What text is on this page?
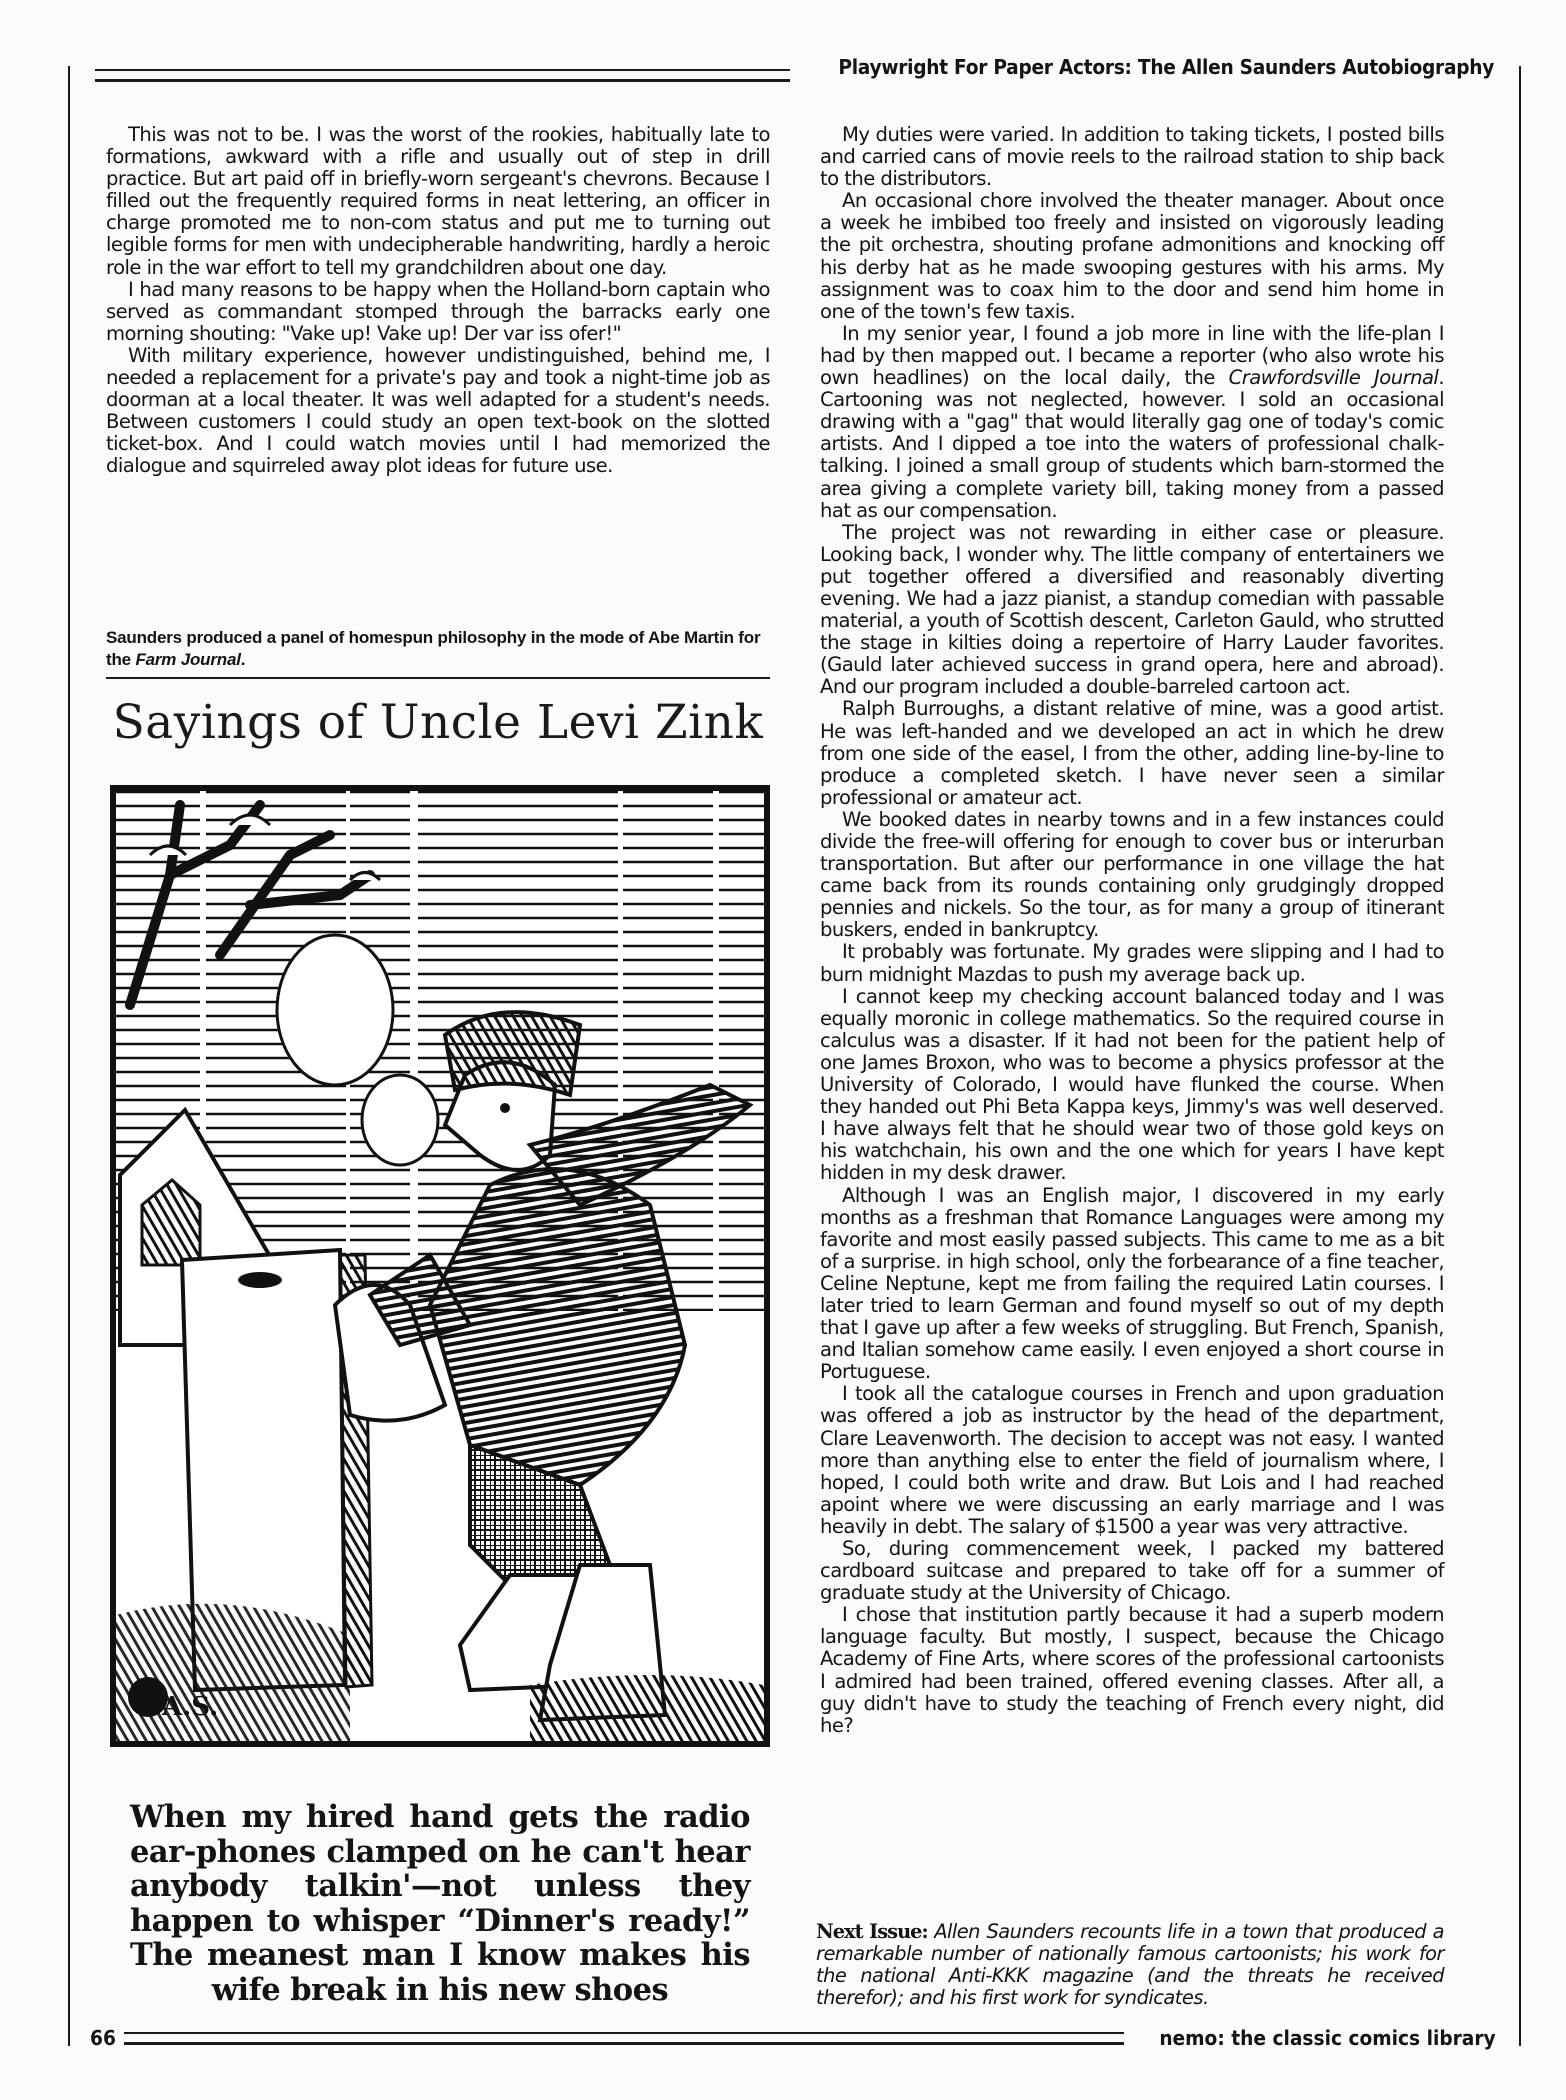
Playwright For Paper Actors: The Allen Saunders Autobiography

This was not to be. I was the worst of the rookies, habitually late to formations, awkward with a rifle and usually out of step in drill practice. But art paid off in briefly-worn sergeant's chevrons. Because I filled out the frequently required forms in neat lettering, an officer in charge promoted me to non-com status and put me to turning out legible forms for men with undecipherable handwriting, hardly a heroic role in the war effort to tell my grandchildren about one day.

I had many reasons to be happy when the Holland-born captain who served as commandant stomped through the barracks early one morning shouting: "Vake up! Vake up! Der var iss ofer!"

With military experience, however undistinguished, behind me, I needed a replacement for a private's pay and took a night-time job as doorman at a local theater. It was well adapted for a student's needs. Between customers I could study an open text-book on the slotted ticket-box. And I could watch movies until I had memorized the dialogue and squirreled away plot ideas for future use.

Saunders produced a panel of homespun philosophy in the mode of Abe Martin for the Farm Journal.
Sayings of Uncle Levi Zink
A.S.
When my hired hand gets the radio ear-phones clamped on he can't hear anybody talkin'—not unless they happen to whisper “Dinner's ready!” The meanest man I know makes his wife break in his new shoes

My duties were varied. In addition to taking tickets, I posted bills and carried cans of movie reels to the railroad station to ship back to the distributors.

An occasional chore involved the theater manager. About once a week he imbibed too freely and insisted on vigorously leading the pit orchestra, shouting profane admonitions and knocking off his derby hat as he made swooping gestures with his arms. My assignment was to coax him to the door and send him home in one of the town's few taxis.

In my senior year, I found a job more in line with the life-plan I had by then mapped out. I became a reporter (who also wrote his own headlines) on the local daily, the Crawfordsville Journal. Cartooning was not neglected, however. I sold an occasional drawing with a "gag" that would literally gag one of today's comic artists. And I dipped a toe into the waters of professional chalk-talking. I joined a small group of students which barn-stormed the area giving a complete variety bill, taking money from a passed hat as our compensation.

The project was not rewarding in either case or pleasure. Looking back, I wonder why. The little company of entertainers we put together offered a diversified and reasonably diverting evening. We had a jazz pianist, a standup comedian with passable material, a youth of Scottish descent, Carleton Gauld, who strutted the stage in kilties doing a repertoire of Harry Lauder favorites. (Gauld later achieved success in grand opera, here and abroad). And our program included a double-barreled cartoon act.

Ralph Burroughs, a distant relative of mine, was a good artist. He was left-handed and we developed an act in which he drew from one side of the easel, I from the other, adding line-by-line to produce a completed sketch. I have never seen a similar professional or amateur act.

We booked dates in nearby towns and in a few instances could divide the free-will offering for enough to cover bus or interurban transportation. But after our performance in one village the hat came back from its rounds containing only grudgingly dropped pennies and nickels. So the tour, as for many a group of itinerant buskers, ended in bankruptcy.

It probably was fortunate. My grades were slipping and I had to burn midnight Mazdas to push my average back up.

I cannot keep my checking account balanced today and I was equally moronic in college mathematics. So the required course in calculus was a disaster. If it had not been for the patient help of one James Broxon, who was to become a physics professor at the University of Colorado, I would have flunked the course. When they handed out Phi Beta Kappa keys, Jimmy's was well deserved. I have always felt that he should wear two of those gold keys on his watchchain, his own and the one which for years I have kept hidden in my desk drawer.

Although I was an English major, I discovered in my early months as a freshman that Romance Languages were among my favorite and most easily passed subjects. This came to me as a bit of a surprise. in high school, only the forbearance of a fine teacher, Celine Neptune, kept me from failing the required Latin courses. I later tried to learn German and found myself so out of my depth that I gave up after a few weeks of struggling. But French, Spanish, and Italian somehow came easily. I even enjoyed a short course in Portuguese.

I took all the catalogue courses in French and upon graduation was offered a job as instructor by the head of the department, Clare Leavenworth. The decision to accept was not easy. I wanted more than anything else to enter the field of journalism where, I hoped, I could both write and draw. But Lois and I had reached apoint where we were discussing an early marriage and I was heavily in debt. The salary of $1500 a year was very attractive.

So, during commencement week, I packed my battered cardboard suitcase and prepared to take off for a summer of graduate study at the University of Chicago.

I chose that institution partly because it had a superb modern language faculty. But mostly, I suspect, because the Chicago Academy of Fine Arts, where scores of the professional cartoonists I admired had been trained, offered evening classes. After all, a guy didn't have to study the teaching of French every night, did he?

Next Issue: Allen Saunders recounts life in a town that produced a remarkable number of nationally famous cartoonists; his work for the national Anti-KKK magazine (and the threats he received therefor); and his first work for syndicates.
66	nemo: the classic comics library
